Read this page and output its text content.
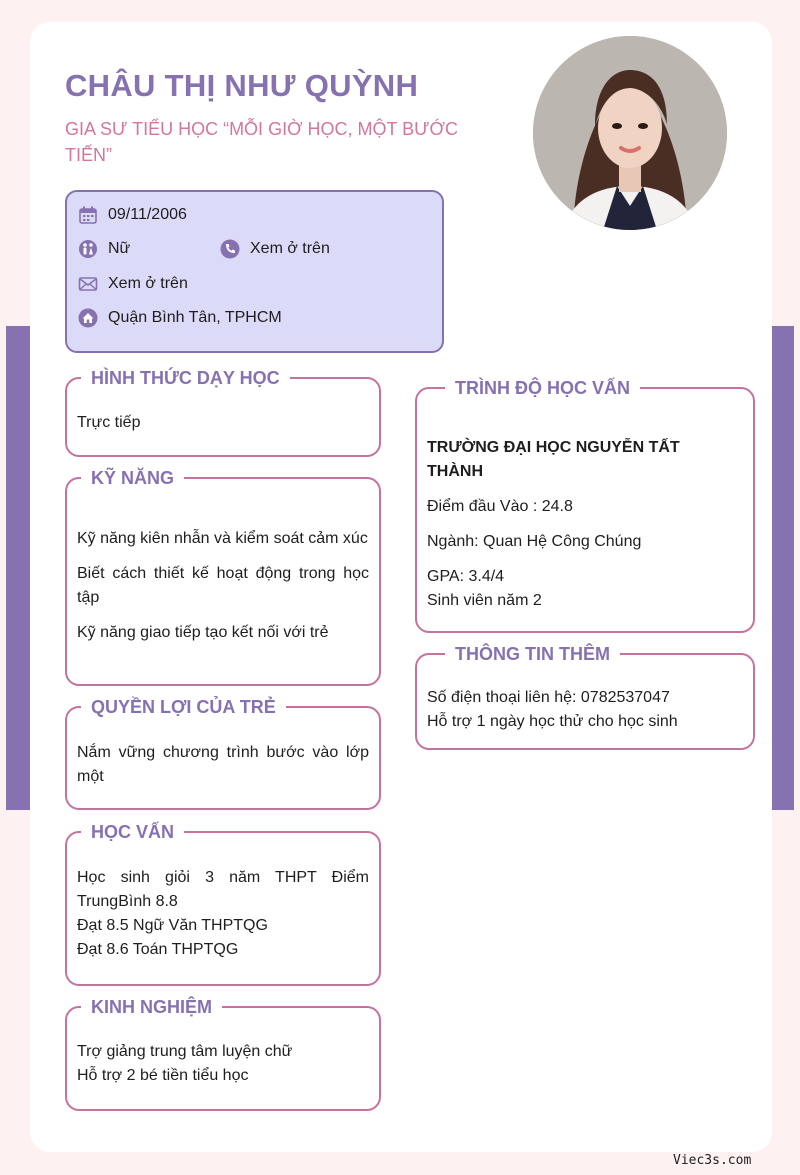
CHÂU THỊ NHƯ QUỲNH
GIA SƯ TIỂU HỌC “MỖI GIỜ HỌC, MỘT BƯỚC TIẾN”
09/11/2006
Nữ	Xem ở trên
Xem ở trên
Quận Bình Tân, TPHCM
HÌNH THỨC DẠY HỌC
Trực tiếp
KỸ NĂNG
Kỹ năng kiên nhẫn và kiểm soát cảm xúc
Biết cách thiết kế hoạt động trong học tập
Kỹ năng giao tiếp tạo kết nối với trẻ
QUYỀN LỢI CỦA TRẺ
Nắm vững chương trình bước vào lớp một
HỌC VẤN
Học sinh giỏi 3 năm THPT Điểm TrungBình 8.8
Đạt 8.5 Ngữ Văn THPTQG
Đạt 8.6 Toán THPTQG
KINH NGHIỆM
Trợ giảng trung tâm luyện chữ
Hỗ trợ 2 bé tiền tiểu học
TRÌNH ĐỘ HỌC VẤN
TRƯỜNG ĐẠI HỌC NGUYỄN TẤT THÀNH
Điểm đầu Vào : 24.8
Ngành: Quan Hệ Công Chúng
GPA: 3.4/4
Sinh viên năm 2
THÔNG TIN THÊM
Số điện thoại liên hệ: 0782537047
Hỗ trợ 1 ngày học thử cho học sinh
Viec3s.com
